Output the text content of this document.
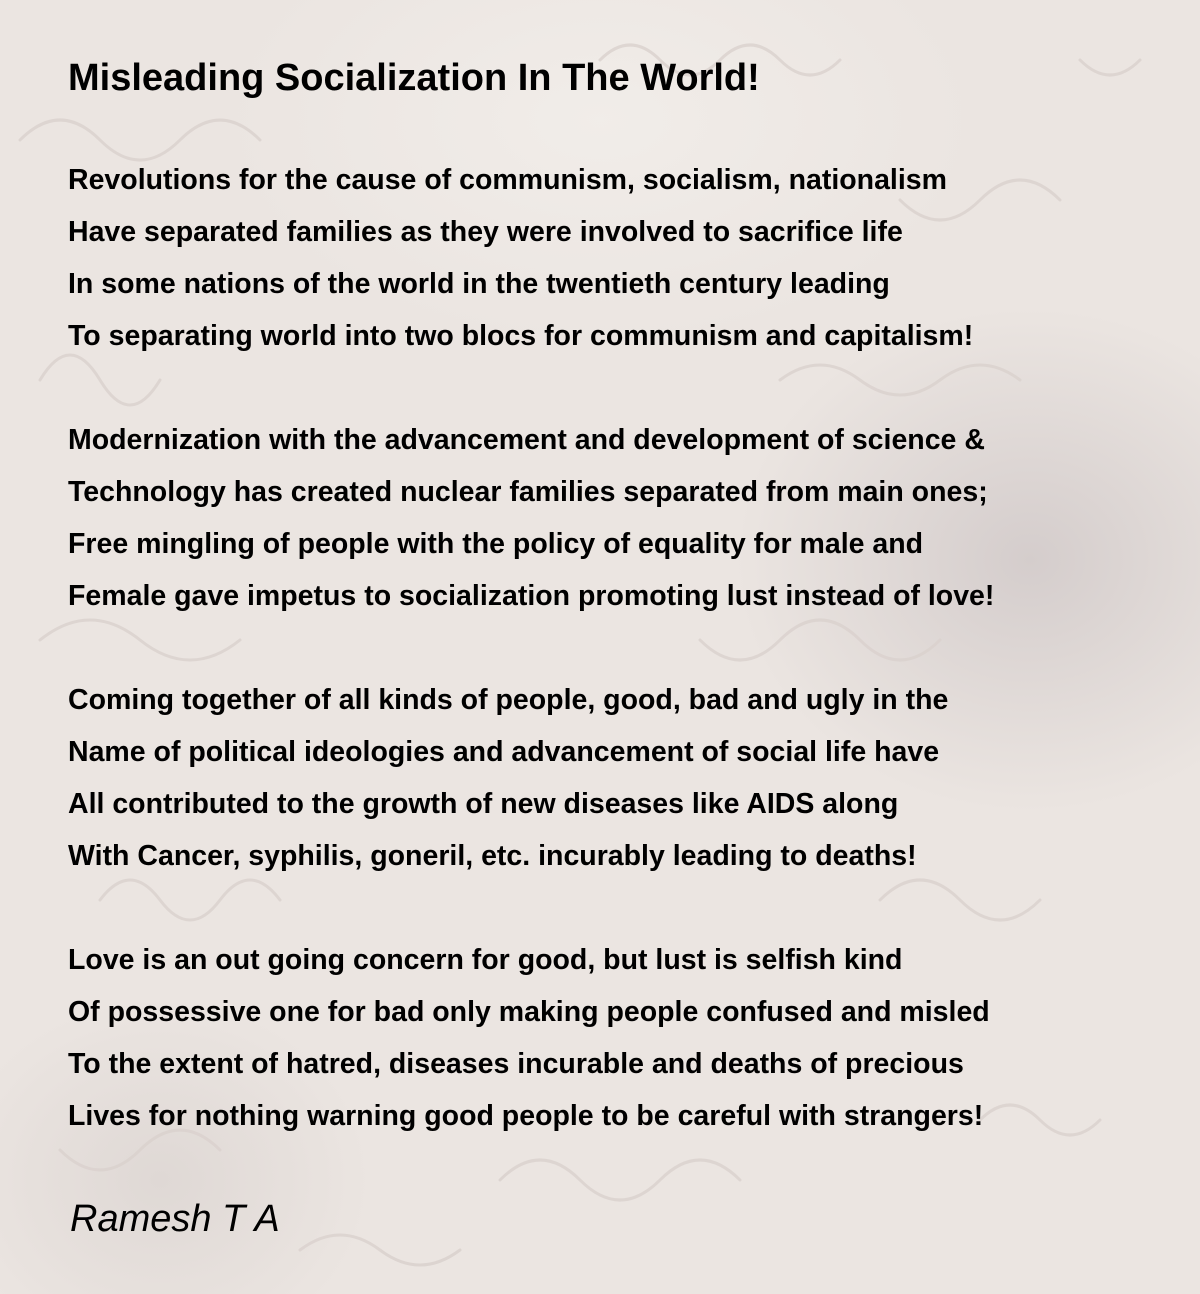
Misleading Socialization In The World!
Revolutions for the cause of communism, socialism, nationalism
Have separated families as they were involved to sacrifice life
In some nations of the world in the twentieth century leading
To separating world into two blocs for communism and capitalism!
Modernization with the advancement and development of science &
Technology has created nuclear families separated from main ones;
Free mingling of people with the policy of equality for male and
Female gave impetus to socialization promoting lust instead of love!
Coming together of all kinds of people, good, bad and ugly in the
Name of political ideologies and advancement of social life have
All contributed to the growth of new diseases like AIDS along
With Cancer, syphilis, goneril, etc. incurably leading to deaths!
Love is an out going concern for good, but lust is selfish kind
Of possessive one for bad only making people confused and misled
To the extent of hatred, diseases incurable and deaths of precious
Lives for nothing warning good people to be careful with strangers!
Ramesh T A
